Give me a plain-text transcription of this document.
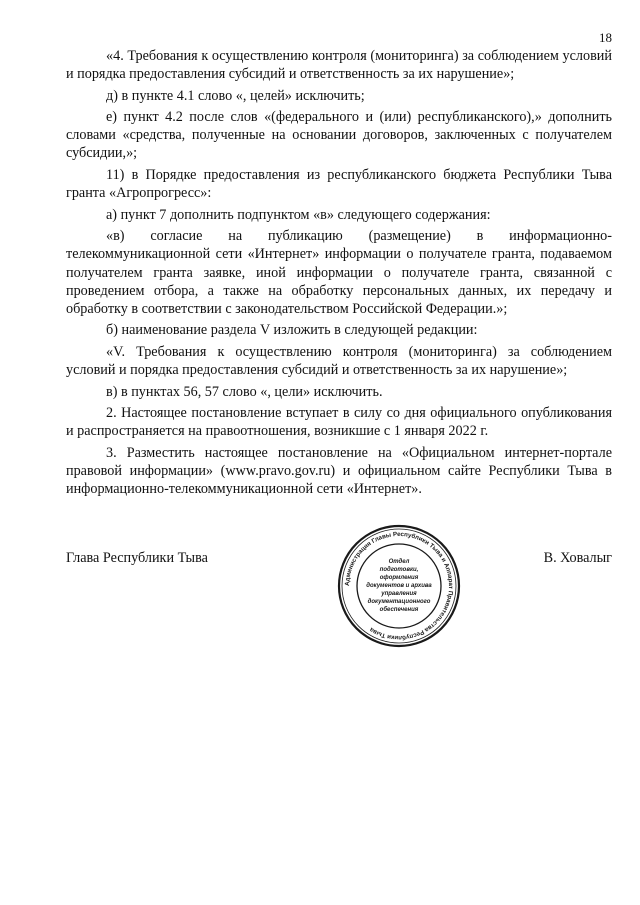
18

«4. Требования к осуществлению контроля (мониторинга) за соблюдением условий и порядка предоставления субсидий и ответственность за их нарушение»;

д) в пункте 4.1 слово «, целей» исключить;

е) пункт 4.2 после слов «(федерального и (или) республиканского),» дополнить словами «средства, полученные на основании договоров, заключенных с получателем субсидии,»;

11) в Порядке предоставления из республиканского бюджета Республики Тыва гранта «Агропрогресс»:

а) пункт 7 дополнить подпунктом «в» следующего содержания:

«в) согласие на публикацию (размещение) в информационно-телекоммуникационной сети «Интернет» информации о получателе гранта, подаваемом получателем гранта заявке, иной информации о получателе гранта, связанной с проведением отбора, а также на обработку персональных данных, их передачу и обработку в соответствии с законодательством Российской Федерации.»;

б) наименование раздела V изложить в следующей редакции:

«V. Требования к осуществлению контроля (мониторинга) за соблюдением условий и порядка предоставления субсидий и ответственность за их нарушение»;

в) в пунктах 56, 57 слово «, цели» исключить.

2. Настоящее постановление вступает в силу со дня официального опубликования и распространяется на правоотношения, возникшие с 1 января 2022 г.

3. Разместить настоящее постановление на «Официальном интернет-портале правовой информации» (www.pravo.gov.ru) и официальном сайте Республики Тыва в информационно-телекоммуникационной сети «Интернет».

Глава Республики Тыва	В. Ховалыг
Администрация Главы Республики Тыва и Аппарат Правительства Республики Тыва
Отдел
подготовки,
оформления
документов и архива
управления
документационного
обеспечения
